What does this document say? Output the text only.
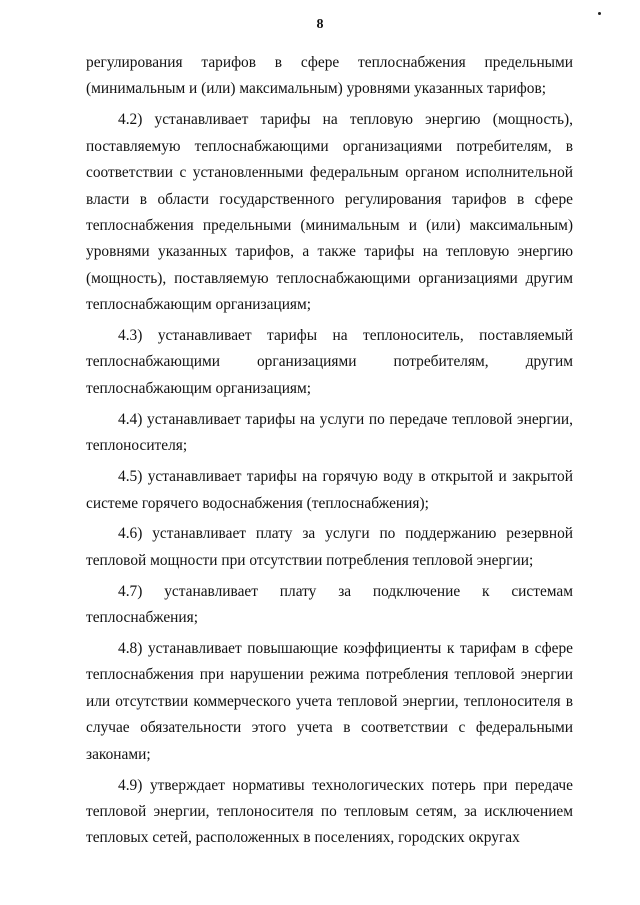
8

регулирования тарифов в сфере теплоснабжения предельными (минимальным и (или) максимальным) уровнями указанных тарифов;

4.2) устанавливает тарифы на тепловую энергию (мощность), поставляемую теплоснабжающими организациями потребителям, в соответствии с установленными федеральным органом исполнительной власти в области государственного регулирования тарифов в сфере теплоснабжения предельными (минимальным и (или) максимальным) уровнями указанных тарифов, а также тарифы на тепловую энергию (мощность), поставляемую теплоснабжающими организациями другим теплоснабжающим организациям;

4.3) устанавливает тарифы на теплоноситель, поставляемый теплоснабжающими организациями потребителям, другим теплоснабжающим организациям;

4.4) устанавливает тарифы на услуги по передаче тепловой энергии, теплоносителя;

4.5) устанавливает тарифы на горячую воду в открытой и закрытой системе горячего водоснабжения (теплоснабжения);

4.6) устанавливает плату за услуги по поддержанию резервной тепловой мощности при отсутствии потребления тепловой энергии;

4.7) устанавливает плату за подключение к системам теплоснабжения;

4.8) устанавливает повышающие коэффициенты к тарифам в сфере теплоснабжения при нарушении режима потребления тепловой энергии или отсутствии коммерческого учета тепловой энергии, теплоносителя в случае обязательности этого учета в соответствии с федеральными законами;

4.9) утверждает нормативы технологических потерь при передаче тепловой энергии, теплоносителя по тепловым сетям, за исключением тепловых сетей, расположенных в поселениях, городских округах
